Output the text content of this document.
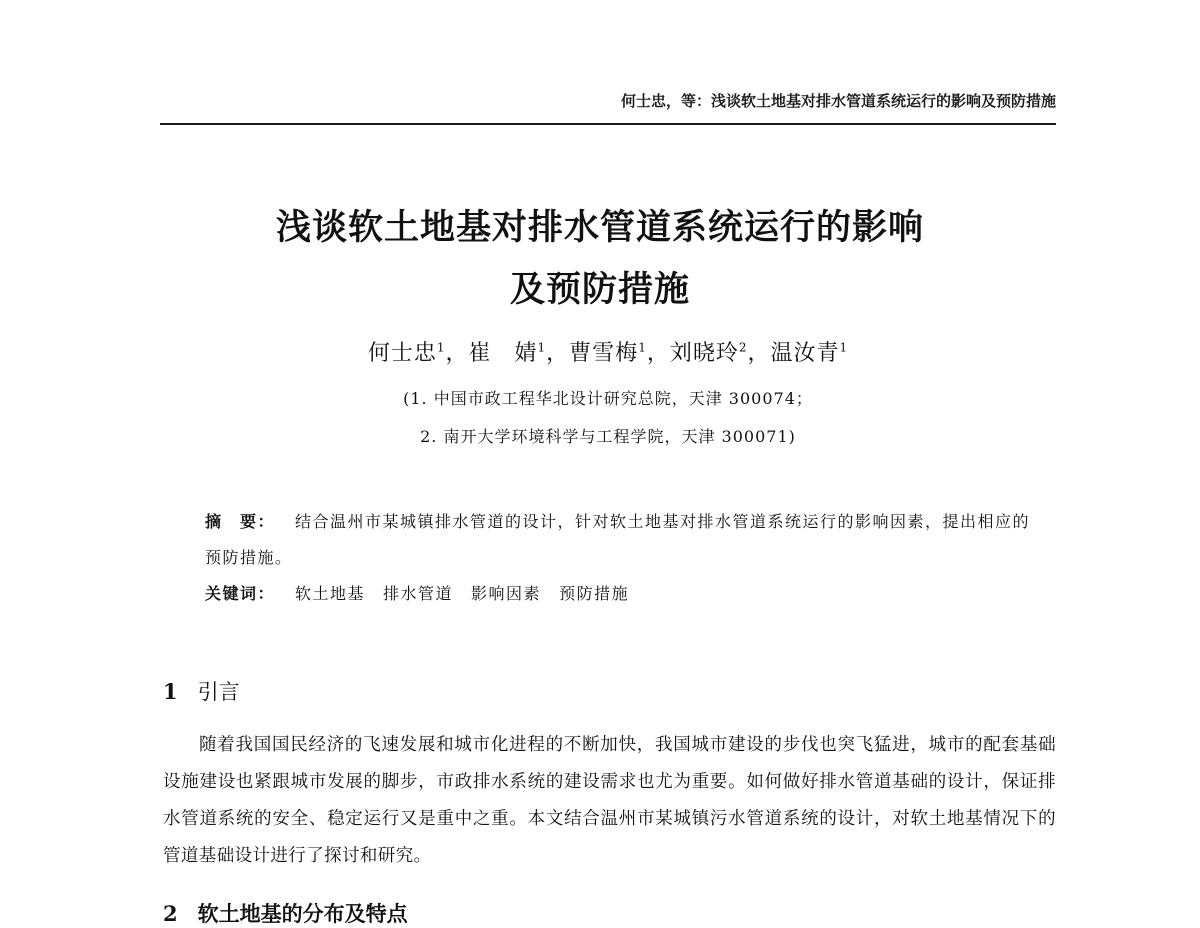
何士忠，等：浅谈软土地基对排水管道系统运行的影响及预防措施
浅谈软土地基对排水管道系统运行的影响
及预防措施
何士忠$^1$，崔　婧$^1$，曹雪梅$^1$，刘晓玲$^2$，温汝青$^1$
(1. 中国市政工程华北设计研究总院，天津 300074；
2. 南开大学环境科学与工程学院，天津 300071)
摘　要： 结合温州市某城镇排水管道的设计，针对软土地基对排水管道系统运行的影响因素，提出相应的预防措施。
关键词： 软土地基 排水管道 影响因素 预防措施
1 引言
随着我国国民经济的飞速发展和城市化进程的不断加快，我国城市建设的步伐也突飞猛进，城市的配套基础设施建设也紧跟城市发展的脚步，市政排水系统的建设需求也尤为重要。如何做好排水管道基础的设计，保证排水管道系统的安全、稳定运行又是重中之重。本文结合温州市某城镇污水管道系统的设计，对软土地基情况下的管道基础设计进行了探讨和研究。
2 软土地基的分布及特点
